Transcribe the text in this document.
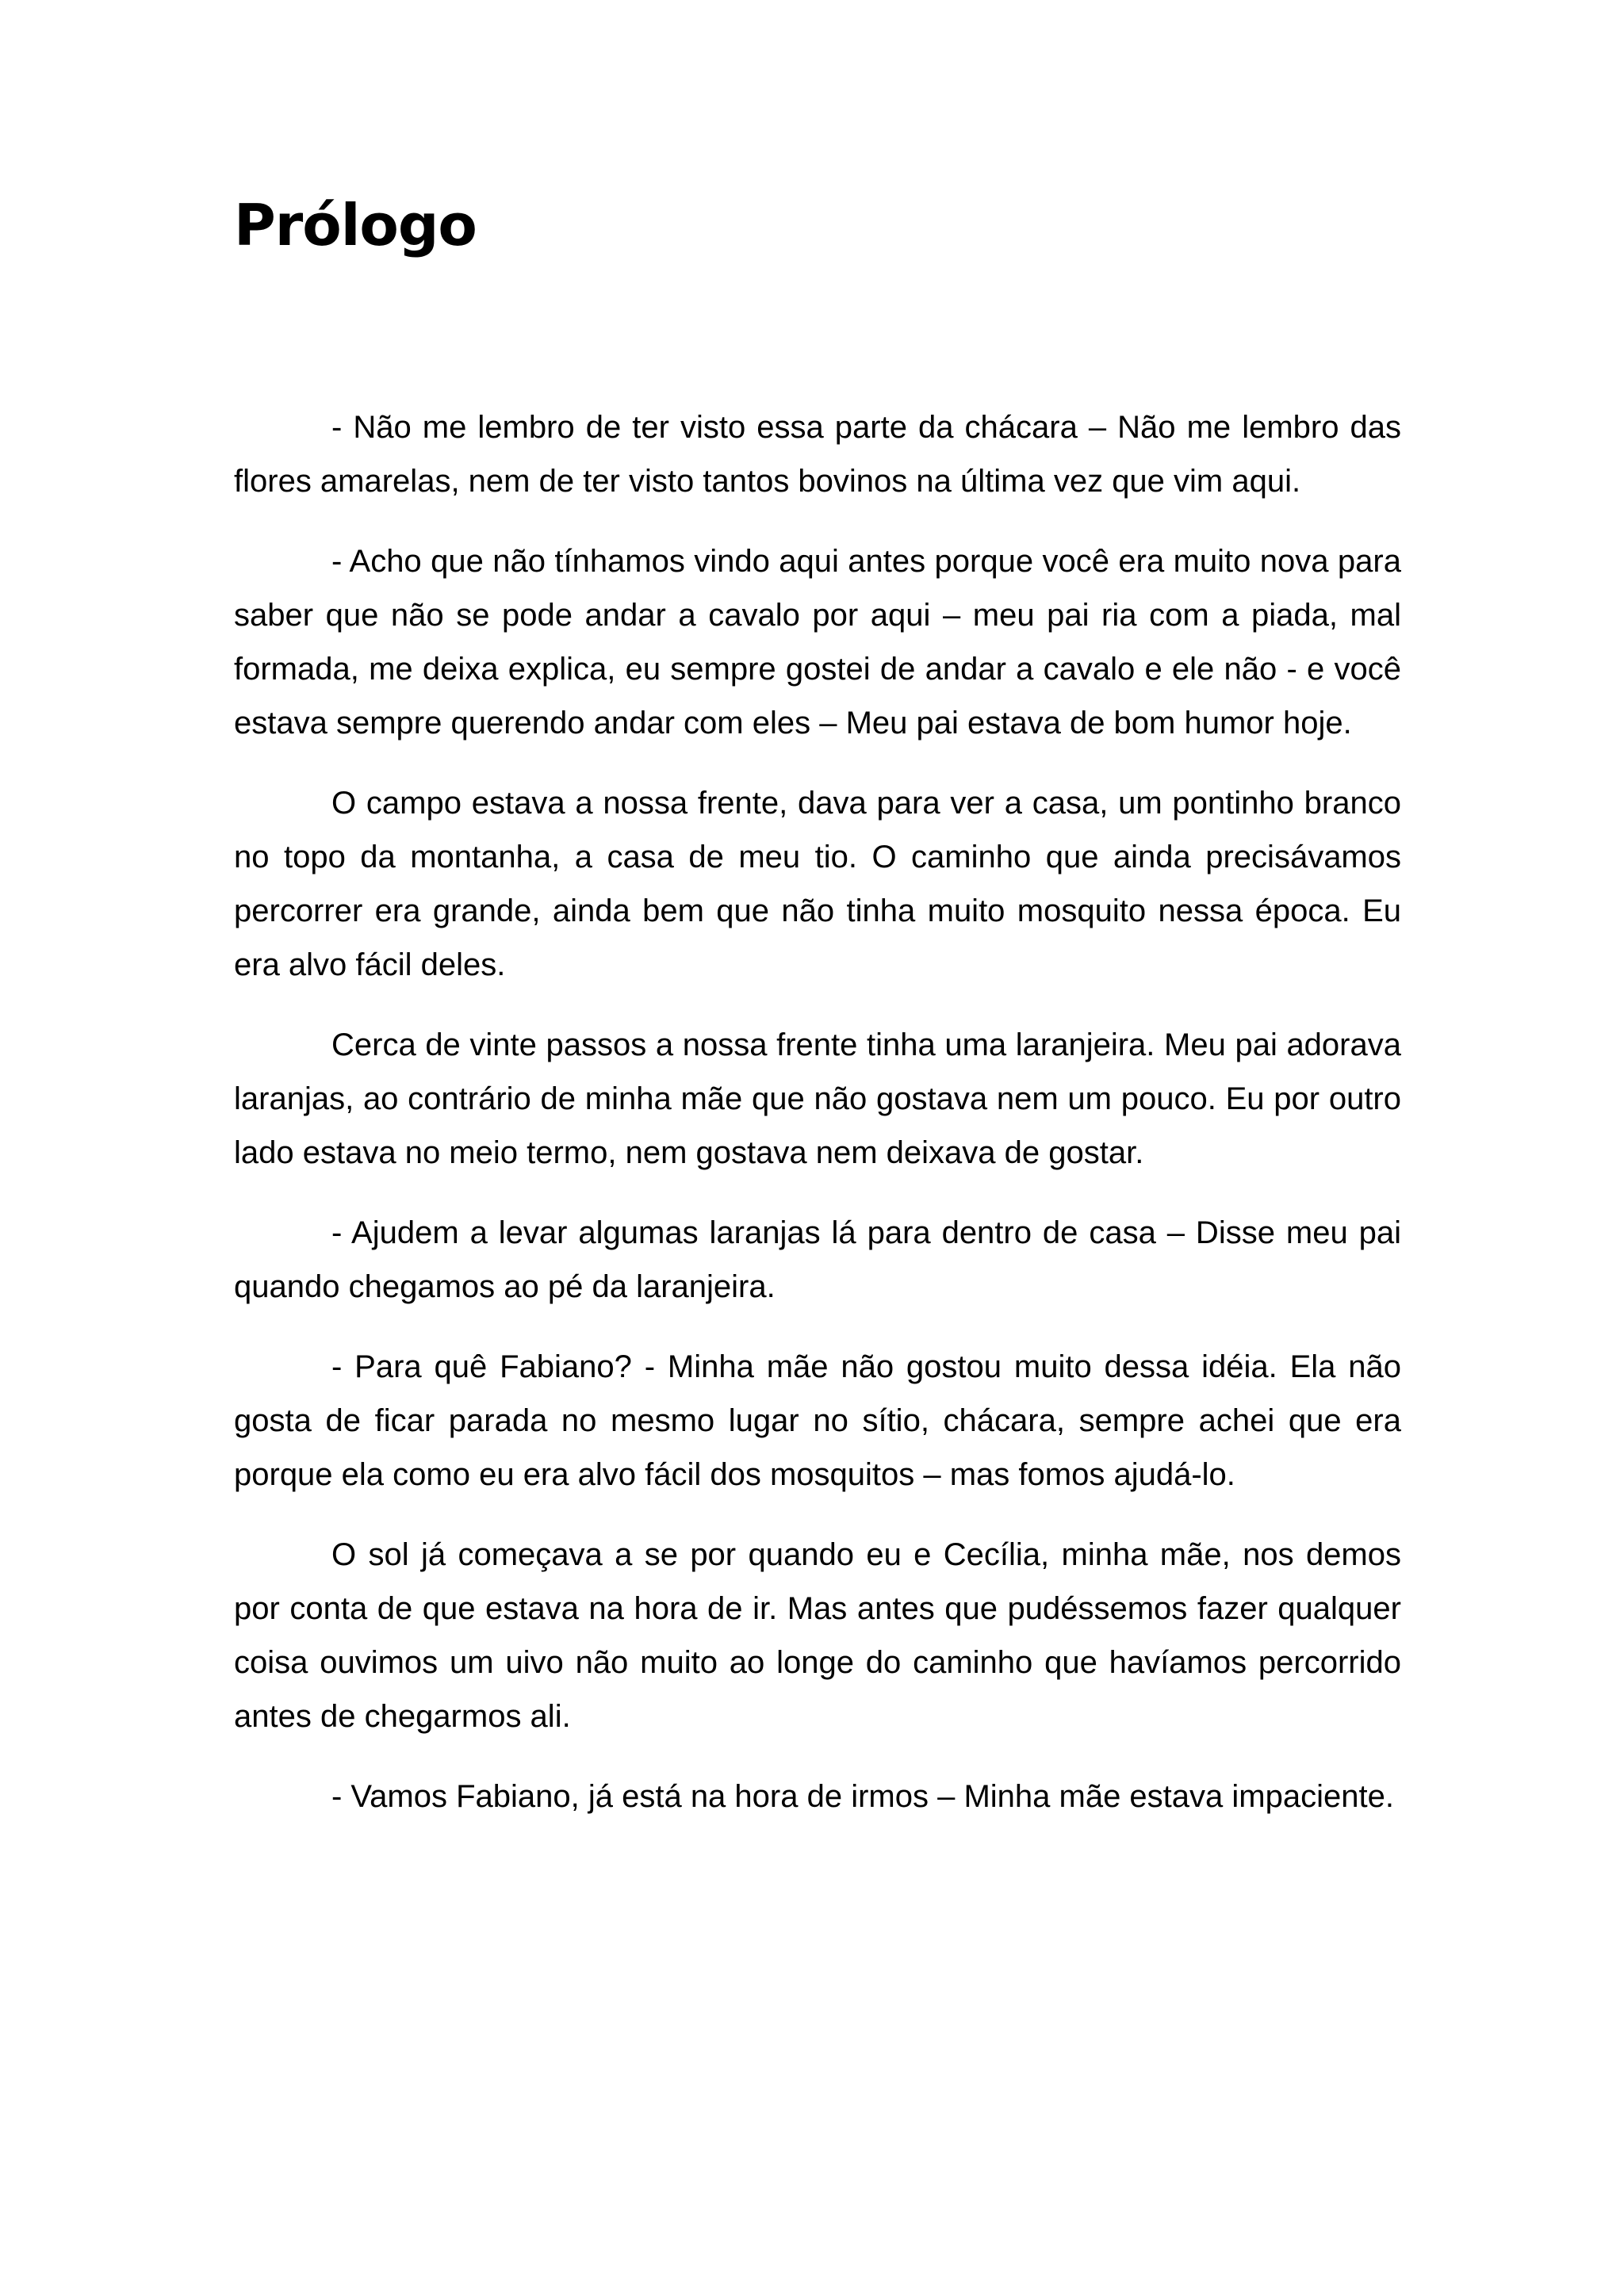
Prólogo

- Não me lembro de ter visto essa parte da chácara – Não me lembro das flores amarelas, nem de ter visto tantos bovinos na última vez que vim aqui.

- Acho que não tínhamos vindo aqui antes porque você era muito nova para saber que não se pode andar a cavalo por aqui – meu pai ria com a piada, mal formada, me deixa explica, eu sempre gostei de andar a cavalo e ele não - e você estava sempre querendo andar com eles – Meu pai estava de bom humor hoje.

O campo estava a nossa frente, dava para ver a casa, um pontinho branco no topo da montanha, a casa de meu tio. O caminho que ainda precisávamos percorrer era grande, ainda bem que não tinha muito mosquito nessa época. Eu era alvo fácil deles.

Cerca de vinte passos a nossa frente tinha uma laranjeira. Meu pai adorava laranjas, ao contrário de minha mãe que não gostava nem um pouco. Eu por outro lado estava no meio termo, nem gostava nem deixava de gostar.

- Ajudem a levar algumas laranjas lá para dentro de casa – Disse meu pai quando chegamos ao pé da laranjeira.

- Para quê Fabiano? - Minha mãe não gostou muito dessa idéia. Ela não gosta de ficar parada no mesmo lugar no sítio, chácara, sempre achei que era porque ela como eu era alvo fácil dos mosquitos – mas fomos ajudá-lo.

O sol já começava a se por quando eu e Cecília, minha mãe, nos demos por conta de que estava na hora de ir. Mas antes que pudéssemos fazer qualquer coisa ouvimos um uivo não muito ao longe do caminho que havíamos percorrido antes de chegarmos ali.

- Vamos Fabiano, já está na hora de irmos – Minha mãe estava impaciente.
